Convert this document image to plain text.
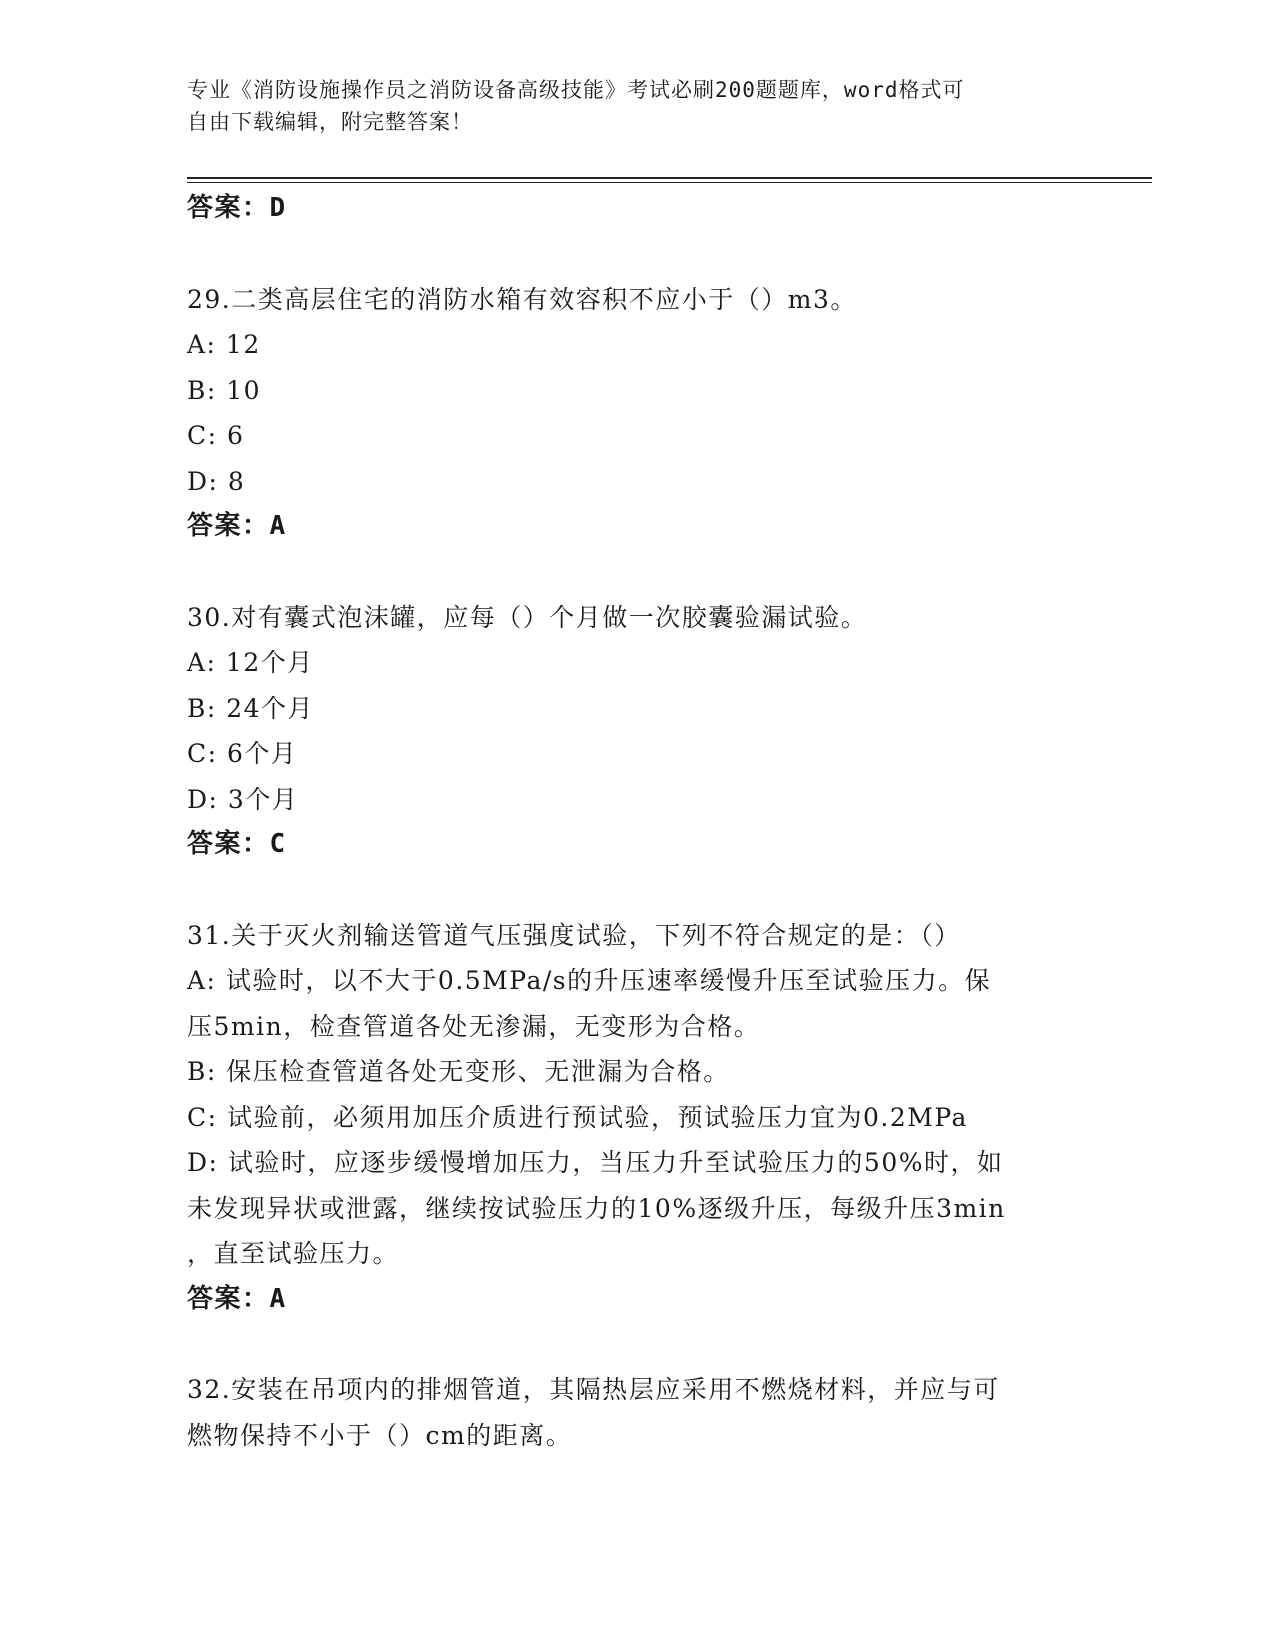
专业《消防设施操作员之消防设备高级技能》考试必刷200题题库，word格式可
自由下载编辑，附完整答案！
答案：D
29.二类高层住宅的消防水箱有效容积不应小于（）m3。
A: 12
B: 10
C: 6
D: 8
答案：A
30.对有囊式泡沫罐，应每（）个月做一次胶囊验漏试验。
A: 12个月
B: 24个月
C: 6个月
D: 3个月
答案：C
31.关于灭火剂输送管道气压强度试验，下列不符合规定的是：（）
A: 试验时，以不大于0.5MPa/s的升压速率缓慢升压至试验压力。保
压5min，检查管道各处无渗漏，无变形为合格。
B: 保压检查管道各处无变形、无泄漏为合格。
C: 试验前，必须用加压介质进行预试验，预试验压力宜为0.2MPa
D: 试验时，应逐步缓慢增加压力，当压力升至试验压力的50%时，如
未发现异状或泄露，继续按试验压力的10%逐级升压，每级升压3min
，直至试验压力。
答案：A
32.安装在吊项内的排烟管道，其隔热层应采用不燃烧材料，并应与可
燃物保持不小于（）cm的距离。
